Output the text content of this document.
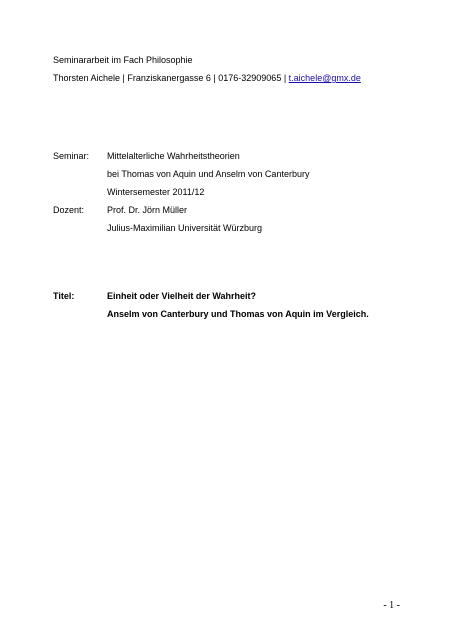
Seminararbeit im Fach Philosophie
Thorsten Aichele | Franziskanergasse 6 | 0176-32909065 | t.aichele@gmx.de
Seminar: Mittelalterliche Wahrheitstheorien
bei Thomas von Aquin und Anselm von Canterbury
Wintersemester 2011/12
Dozent:	Prof. Dr. Jörn Müller
Julius-Maximilian Universität Würzburg
Titel:	Einheit oder Vielheit der Wahrheit?
Anselm von Canterbury und Thomas von Aquin im Vergleich.
- 1 -
